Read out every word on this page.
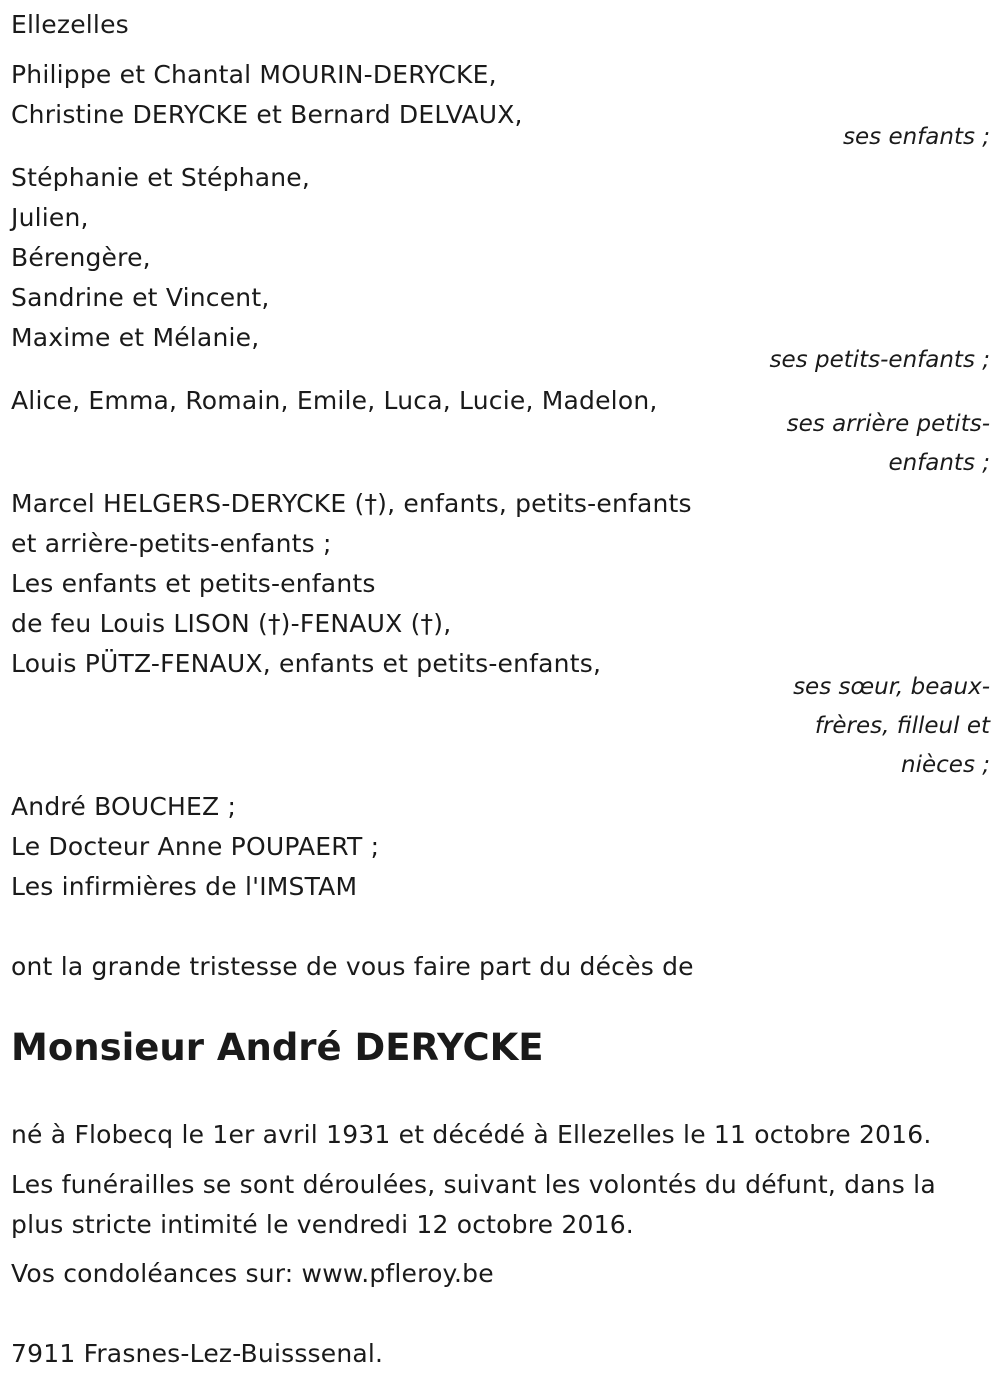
Ellezelles
Philippe et Chantal MOURIN-DERYCKE,
Christine DERYCKE et Bernard DELVAUX,
ses enfants ;
Stéphanie et Stéphane,
Julien,
Bérengère,
Sandrine et Vincent,
Maxime et Mélanie,
ses petits-enfants ;
Alice, Emma, Romain, Emile, Luca, Lucie, Madelon,
ses arrière petits-enfants ;
Marcel HELGERS-DERYCKE (†), enfants, petits-enfants
et arrière-petits-enfants ;
Les enfants et petits-enfants
de feu Louis LISON (†)-FENAUX (†),
Louis PÜTZ-FENAUX, enfants et petits-enfants,
ses sœur, beaux-frères, filleul et nièces ;
André BOUCHEZ ;
Le Docteur Anne POUPAERT ;
Les infirmières de l'IMSTAM
ont la grande tristesse de vous faire part du décès de
Monsieur André DERYCKE
né à Flobecq le 1er avril 1931 et décédé à Ellezelles le 11 octobre 2016.
Les funérailles se sont déroulées, suivant les volontés du défunt, dans la plus stricte intimité le vendredi 12 octobre 2016.
Vos condoléances sur: www.pfleroy.be
7911 Frasnes-Lez-Buisssenal.
